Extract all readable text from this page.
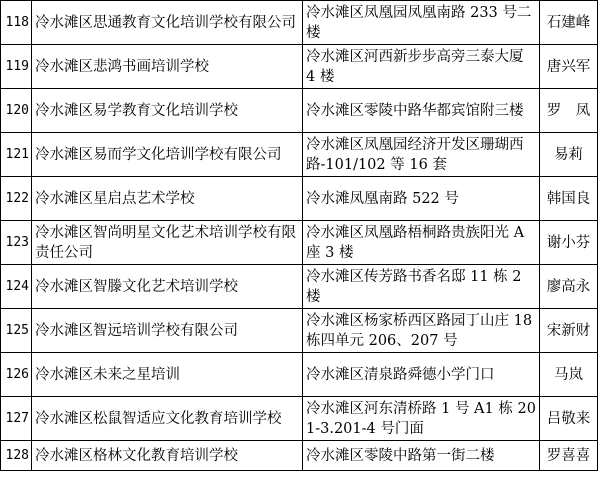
118	冷水滩区思通教育文化培训学校有限公司	冷水滩区凤凰园凤凰南路 233 号二楼	石建峰
119	冷水滩区悲鸿书画培训学校	冷水滩区河西新步步高旁三泰大厦 4 楼	唐兴军
120	冷水滩区易学教育文化培训学校	冷水滩区零陵中路华都宾馆附三楼	罗　凤
121	冷水滩区易而学文化培训学校有限公司	冷水滩区凤凰园经济开发区珊瑚西路-101/102 等 16 套	易莉
122	冷水滩区星启点艺术学校	冷水滩凤凰南路 522 号	韩国良
123	冷水滩区智尚明星文化艺术培训学校有限责任公司	冷水滩区凤凰路梧桐路贵族阳光 A 座 3 楼	谢小芬
124	冷水滩区智滕文化艺术培训学校	冷水滩区传芳路书香名邸 11 栋 2 楼	廖高永
125	冷水滩区智远培训学校有限公司	冷水滩区杨家桥西区路园丁山庄 18 栋四单元 206、207 号	宋新财
126	冷水滩区未来之星培训	冷水滩区清泉路舜德小学门口	马岚
127	冷水滩区松鼠智适应文化教育培训学校	冷水滩区河东清桥路 1 号 A1 栋 201-3.201-4 号门面	吕敬来
128	冷水滩区格林文化教育培训学校	冷水滩区零陵中路第一街二楼	罗喜喜
